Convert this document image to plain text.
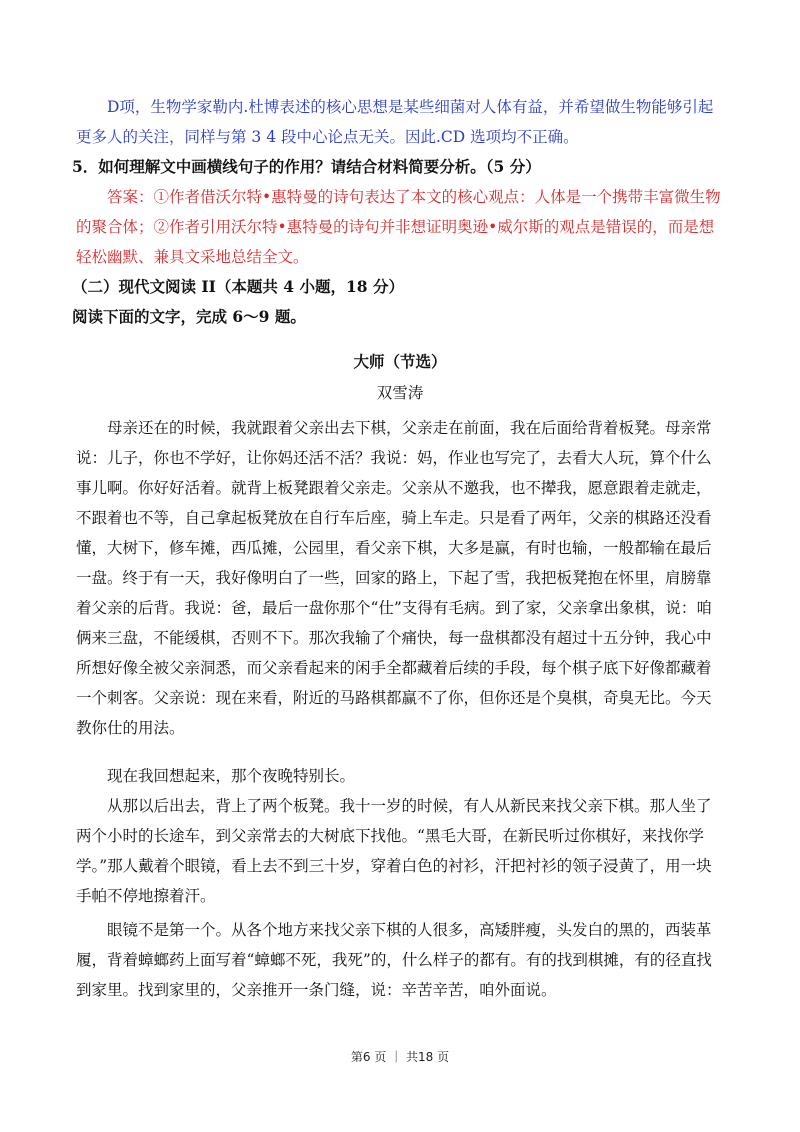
D项，生物学家勒内.杜博表述的核心思想是某些细菌对人体有益，并希望做生物能够引起更多人的关注，同样与第 3 4 段中心论点无关。因此.CD 选项均不正确。

5．如何理解文中画横线句子的作用？请结合材料简要分析。（5 分）

答案：①作者借沃尔特•惠特曼的诗句表达了本文的核心观点：人体是一个携带丰富微生物的聚合体；②作者引用沃尔特•惠特曼的诗句并非想证明奥逊•威尔斯的观点是错误的，而是想轻松幽默、兼具文采地总结全文。

（二）现代文阅读 II（本题共 4 小题，18 分）

阅读下面的文字，完成 6～9 题。

大师（节选）
双雪涛

母亲还在的时候，我就跟着父亲出去下棋，父亲走在前面，我在后面给背着板凳。母亲常说：儿子，你也不学好，让你妈还活不活？我说：妈，作业也写完了，去看大人玩，算个什么事儿啊。你好好活着。就背上板凳跟着父亲走。父亲从不邀我，也不撵我，愿意跟着走就走，不跟着也不等，自己拿起板凳放在自行车后座，骑上车走。只是看了两年，父亲的棋路还没看懂，大树下，修车摊，西瓜摊，公园里，看父亲下棋，大多是赢，有时也输，一般都输在最后一盘。终于有一天，我好像明白了一些，回家的路上，下起了雪，我把板凳抱在怀里，肩膀靠着父亲的后背。我说：爸，最后一盘你那个“仕”支得有毛病。到了家，父亲拿出象棋，说：咱俩来三盘，不能缓棋，否则不下。那次我输了个痛快，每一盘棋都没有超过十五分钟，我心中所想好像全被父亲洞悉，而父亲看起来的闲手全都藏着后续的手段，每个棋子底下好像都藏着一个刺客。父亲说：现在来看，附近的马路棋都赢不了你，但你还是个臭棋，奇臭无比。今天教你仕的用法。

现在我回想起来，那个夜晚特别长。

从那以后出去，背上了两个板凳。我十一岁的时候，有人从新民来找父亲下棋。那人坐了两个小时的长途车，到父亲常去的大树底下找他。“黑毛大哥，在新民听过你棋好，来找你学学。”那人戴着个眼镜，看上去不到三十岁，穿着白色的衬衫，汗把衬衫的领子浸黄了，用一块手帕不停地擦着汗。

眼镜不是第一个。从各个地方来找父亲下棋的人很多，高矮胖瘦，头发白的黑的，西装革履，背着蟑螂药上面写着“蟑螂不死，我死”的，什么样子的都有。有的找到棋摊，有的径直找到家里。找到家里的，父亲推开一条门缝，说：辛苦辛苦，咱外面说。

第6 页 ｜ 共18 页
